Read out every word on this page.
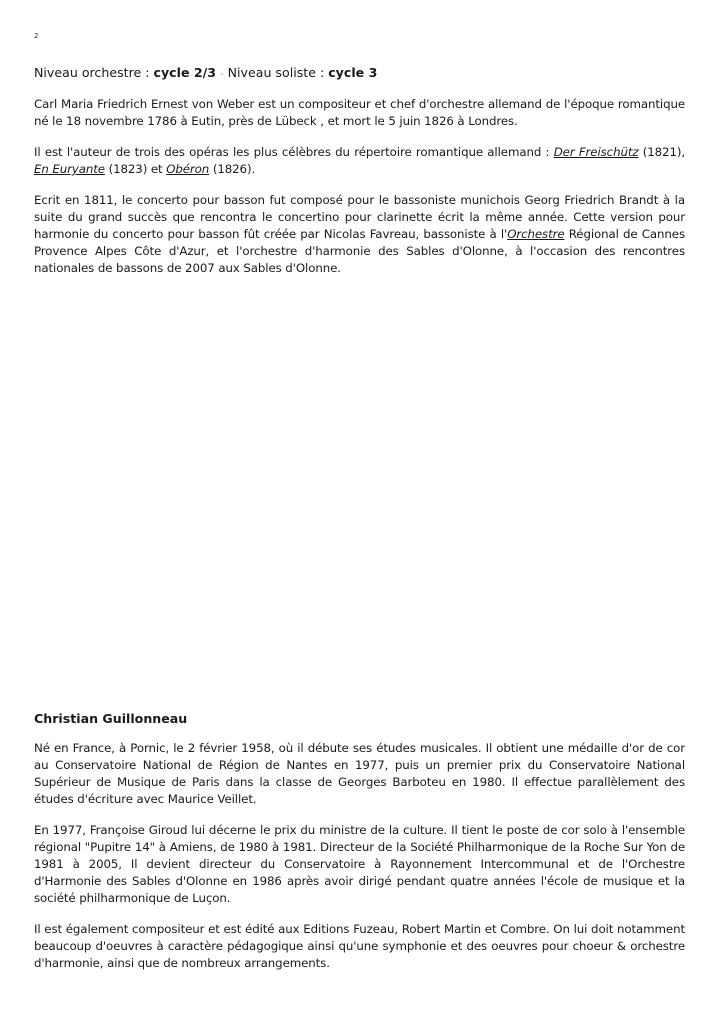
2
Niveau orchestre : cycle 2/3 - Niveau soliste : cycle 3

Carl Maria Friedrich Ernest von Weber est un compositeur et chef d'orchestre allemand de l'époque romantique né le 18 novembre 1786 à Eutin, près de Lübeck , et mort le 5 juin 1826 à Londres.

Il est l'auteur de trois des opéras les plus célèbres du répertoire romantique allemand : Der Freischütz (1821), En Euryante (1823) et Obéron (1826).

Ecrit en 1811, le concerto pour basson fut composé pour le bassoniste munichois Georg Friedrich Brandt à la suite du grand succès que rencontra le concertino pour clarinette écrit la même année. Cette version pour harmonie du concerto pour basson fût créée par Nicolas Favreau, bassoniste à l'Orchestre Régional de Cannes Provence Alpes Côte d'Azur, et l'orchestre d'harmonie des Sables d'Olonne, à l'occasion des rencontres nationales de bassons de 2007 aux Sables d'Olonne.

Christian Guillonneau

Né en France, à Pornic, le 2 février 1958, où il débute ses études musicales. Il obtient une médaille d'or de cor au Conservatoire National de Région de Nantes en 1977, puis un premier prix du Conservatoire National Supérieur de Musique de Paris dans la classe de Georges Barboteu en 1980. Il effectue parallèlement des études d'écriture avec Maurice Veillet.

En 1977, Françoise Giroud lui décerne le prix du ministre de la culture. Il tient le poste de cor solo à l'ensemble régional "Pupitre 14" à Amiens, de 1980 à 1981. Directeur de la Société Philharmonique de la Roche Sur Yon de 1981 à 2005, Il devient directeur du Conservatoire à Rayonnement Intercommunal et de l'Orchestre d'Harmonie des Sables d'Olonne en 1986 après avoir dirigé pendant quatre années l'école de musique et la société philharmonique de Luçon.

Il est également compositeur et est édité aux Editions Fuzeau, Robert Martin et Combre. On lui doit notamment beaucoup d'oeuvres à caractère pédagogique ainsi qu'une symphonie et des oeuvres pour choeur & orchestre d'harmonie, ainsi que de nombreux arrangements.
